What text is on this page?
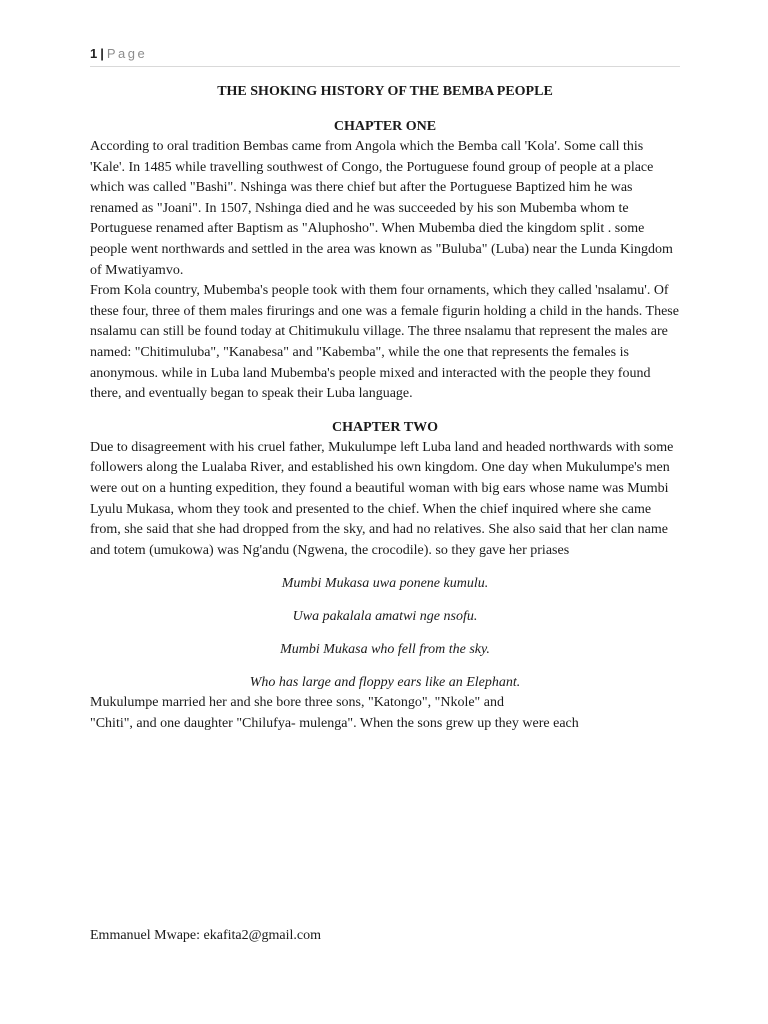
1 | Page
THE SHOKING HISTORY OF THE BEMBA PEOPLE
CHAPTER ONE

According to oral tradition Bembas came from Angola which the Bemba call 'Kola'. Some call this 'Kale'. In 1485 while travelling southwest of Congo, the Portuguese found group of people at a place which was called "Bashi". Nshinga was there chief but after the Portuguese Baptized him he was renamed as "Joani". In 1507, Nshinga died and he was succeeded by his son Mubemba whom te Portuguese renamed after Baptism as "Aluphosho". When Mubemba died the kingdom split . some people went northwards and settled in the area was known as "Buluba" (Luba) near the Lunda Kingdom of Mwatiyamvo.

From Kola country, Mubemba's people took with them four ornaments, which they called 'nsalamu'. Of these four, three of them males firurings and one was a female figurin holding a child in the hands. These nsalamu can still be found today at Chitimukulu village. The three nsalamu that represent the males are named: "Chitimuluba", "Kanabesa" and "Kabemba", while the one that represents the females is anonymous. while in Luba land Mubemba's people mixed and interacted with the people they found there, and eventually began to speak their Luba language.

CHAPTER TWO

Due to disagreement with his cruel father, Mukulumpe left Luba land and headed northwards with some followers along the Lualaba River, and established his own kingdom. One day when Mukulumpe's men were out on a hunting expedition, they found a beautiful woman with big ears whose name was Mumbi Lyulu Mukasa, whom they took and presented to the chief. When the chief inquired where she came from, she said that she had dropped from the sky, and had no relatives. She also said that her clan name and totem (umukowa) was Ng'andu (Ngwena, the crocodile). so they gave her priases

Mumbi Mukasa uwa ponene kumulu.

Uwa pakalala amatwi nge nsofu.

Mumbi Mukasa who fell from the sky.

Who has large and floppy ears like an Elephant.

Mukulumpe married her and she bore three sons, "Katongo", "Nkole" and

"Chiti", and one daughter "Chilufya- mulenga". When the sons grew up they were each

Emmanuel Mwape: ekafita2@gmail.com
